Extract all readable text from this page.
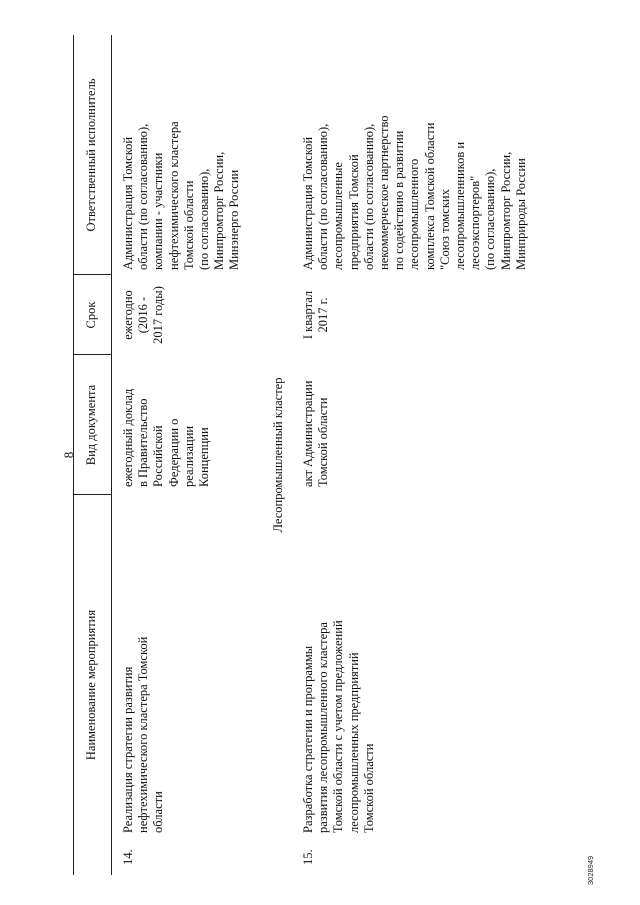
8
Наименование мероприятия
Вид документа
Срок
Ответственный исполнитель
14.
Реализация стратегии развития
нефтехимического кластера Томской
области
ежегодный доклад
в Правительство
Российской
Федерации о
реализации
Концепции
ежегодно
(2016 -
2017 годы)
Администрация Томской
области (по согласованию),
компании - участники
нефтехимического кластера
Томской области
(по согласованию),
Минпромторг России,
Минэнерго России
Лесопромышленный кластер
15.
Разработка стратегии и программы
развития лесопромышленного кластера
Томской области с учетом предложений
лесопромышленных предприятий
Томской области
акт Администрации
Томской области
I квартал
2017 г.
Администрация Томской
области (по согласованию),
лесопромышленные
предприятия Томской
области (по согласованию),
некоммерческое партнерство
по содействию в развитии
лесопромышленного
комплекса Томской области
"Союз томских
лесопромышленников и
лесоэкспортеров"
(по согласованию),
Минпромторг России,
Минприроды России
3028949
